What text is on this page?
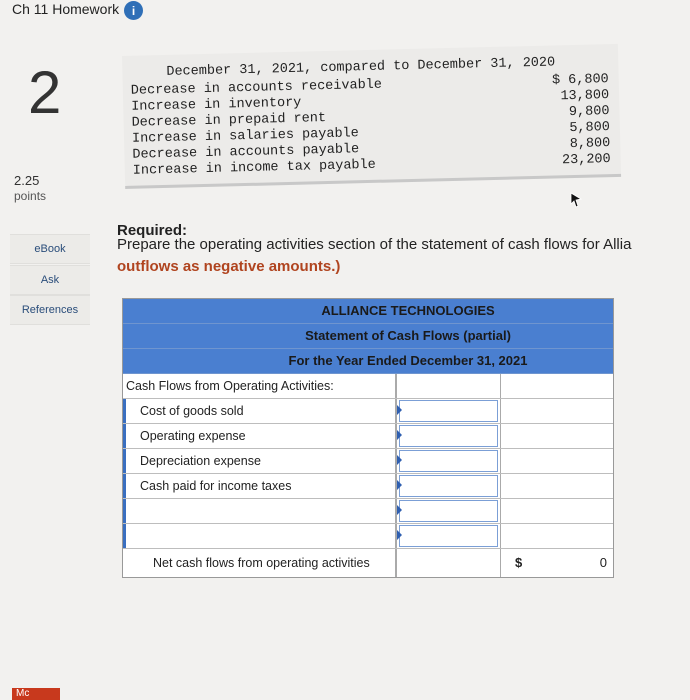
Ch 11 Homework	i
2
2.25
points
eBook
Ask
References
December 31, 2021, compared to December 31, 2020
Decrease in accounts receivable	$ 6,800
Increase in inventory	13,800
Decrease in prepaid rent	9,800
Increase in salaries payable	5,800
Decrease in accounts payable	8,800
Increase in income tax payable	23,200
Required:
Prepare the operating activities section of the statement of cash flows for Allia
outflows as negative amounts.)
ALLIANCE TECHNOLOGIES
Statement of Cash Flows (partial)
For the Year Ended December 31, 2021
Cash Flows from Operating Activities:
Cost of goods sold
Operating expense
Depreciation expense
Cash paid for income taxes
Net cash flows from operating activities	$	0
Mc
